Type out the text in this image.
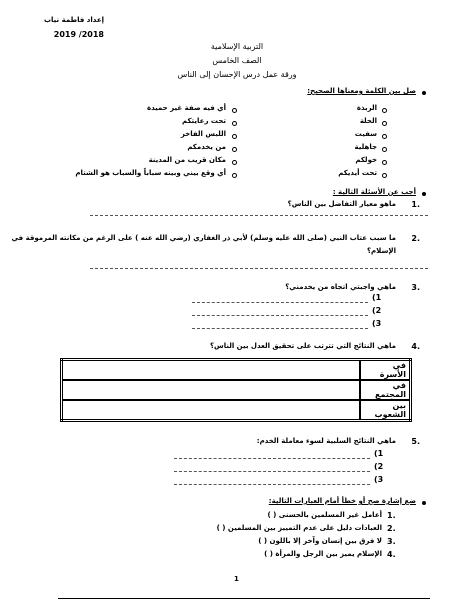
إعداد فاطمة نياب
2019 /2018
التربية الإسلامية
الصف الخامس
ورقة عمل درس الإحسان إلى الناس
صل بين الكلمة ومعناها الصحيح:
الربذة
الحلة
سفيت
جاهلية
خولكم
تحت أيديكم
أي فيه صفة غير حميدة
تحت رعايتكم
اللبس الفاخر
من يخدمكم
مكان قريب من المدينة
أي وقع بيني وبينه سباباً والسباب هو الشتام
أجب عن الأسئلة التالية :
1.
ماهو معيار التفاضل بين الناس؟
2.
ما سبب عتاب النبي (صلى الله عليه وسلم) لأبي ذر الغفاري (رضي الله عنه ) على الرغم من مكانته المرموقة في
الإسلام؟
3.
ماهي واجبتي اتجاه من يخدمني؟
(1
(2
(3
4.
ماهي النتائج التي تترتب على تحقيق العدل بين الناس؟
	في الأسرة
	في المجتمع
	بين الشعوب
5.
ماهي النتائج السلبية لسوء معاملة الخدم:
(1
(2
(3
ضع إشارة صح أو خطأ أمام العبارات التالية:
1.
أعامل غير المسلمين بالحسنى ( )
2.
العبادات دليل على عدم التمييز بين المسلمين ( )
3.
لا فرق بين إنسان وآخر إلا باللون ( )
4.
الإسلام يميز بين الرجل والمرأة ( )
1
